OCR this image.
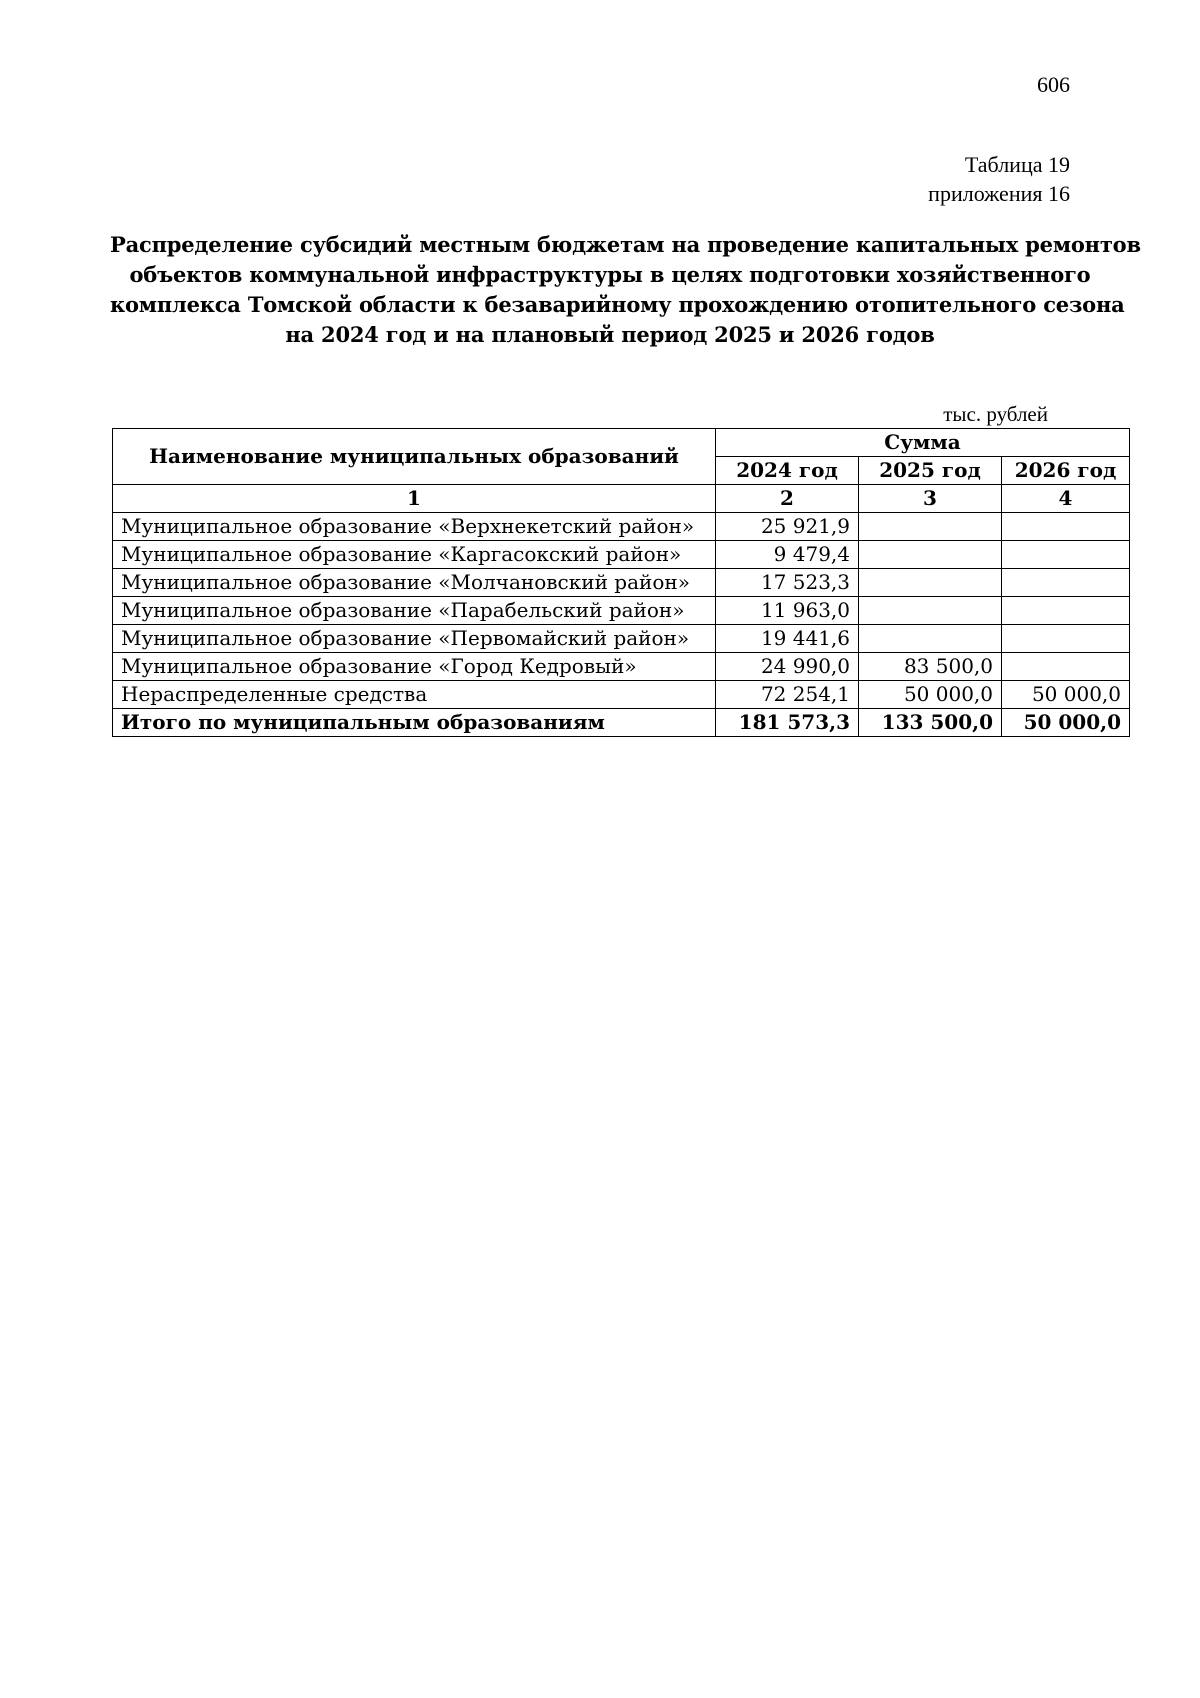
606
Таблица 19
приложения 16
Распределение субсидий местным бюджетам на проведение капитальных ремонтов
объектов коммунальной инфраструктуры в целях подготовки хозяйственного
комплекса Томской области к безаварийному прохождению отопительного сезона
на 2024 год и на плановый период 2025 и 2026 годов
тыс. рублей
Наименование муниципальных образований	Сумма		
	2024 год	2025 год	2026 год
1	2	3	4
Муниципальное образование «Верхнекетский район»	25 921,9		
Муниципальное образование «Каргасокский район»	9 479,4		
Муниципальное образование «Молчановский район»	17 523,3		
Муниципальное образование «Парабельский район»	11 963,0		
Муниципальное образование «Первомайский район»	19 441,6		
Муниципальное образование «Город Кедровый»	24 990,0	83 500,0	
Нераспределенные средства	72 254,1	50 000,0	50 000,0
Итого по муниципальным образованиям	181 573,3	133 500,0	50 000,0
